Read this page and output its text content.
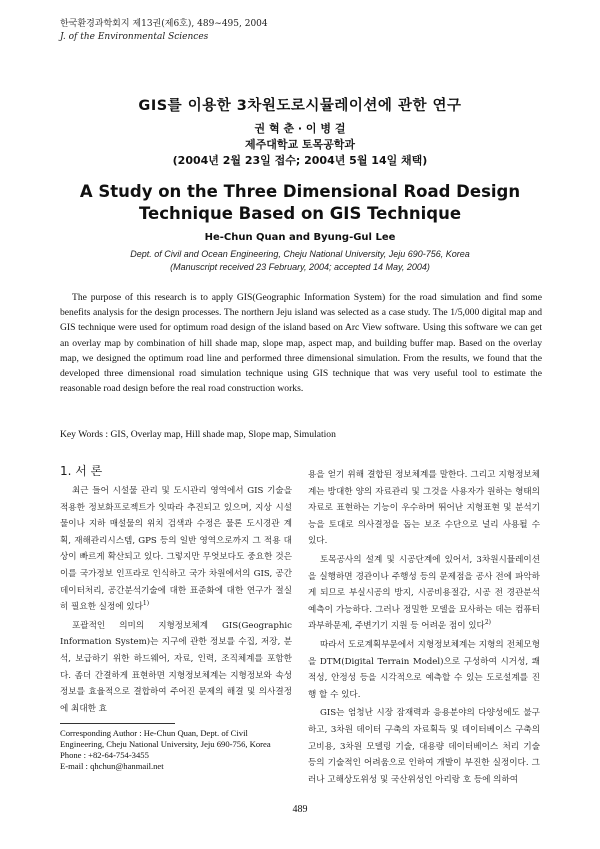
한국환경과학회지 제13권(제6호), 489∼495, 2004
J. of the Environmental Sciences
GIS를 이용한 3차원도로시뮬레이션에 관한 연구
권 혁 춘 · 이 병 걸
제주대학교 토목공학과
(2004년 2월 23일 접수; 2004년 5월 14일 채택)
A Study on the Three Dimensional Road Design
Technique Based on GIS Technique
He-Chun Quan and Byung-Gul Lee
Dept. of Civil and Ocean Engineering, Cheju National University, Jeju 690-756, Korea
(Manuscript received 23 February, 2004; accepted 14 May, 2004)
The purpose of this research is to apply GIS(Geographic Information System) for the road simulation and find some benefits analysis for the design processes. The northern Jeju island was selected as a case study. The 1/5,000 digital map and GIS technique were used for optimum road design of the island based on Arc View software. Using this software we can get an overlay map by combination of hill shade map, slope map, aspect map, and building buffer map. Based on the overlay map, we designed the optimum road line and performed three dimensional simulation. From the results, we found that the developed three dimensional road simulation technique using GIS technique that was very useful tool to estimate the reasonable road design before the real road construction works.
Key Words : GIS, Overlay map, Hill shade map, Slope map, Simulation
1. 서 론

최근 들어 시설물 관리 및 도시관리 영역에서 GIS 기술을 적용한 정보화프로젝트가 잇따라 추진되고 있으며, 지상 시설물이나 지하 매설물의 위치 검색과 수정은 물론 도시경관 계획, 재해관리시스템, GPS 등의 일반 영역으로까지 그 적용 대상이 빠르게 확산되고 있다. 그렇지만 무엇보다도 중요한 것은 이를 국가정보 인프라로 인식하고 국가 차원에서의 GIS, 공간데이터처리, 공간분석기술에 대한 표준화에 대한 연구가 절실히 필요한 실정에 있다$^{1)}$

포괄적인 의미의 지형정보체계 GIS(Geographic Information System)는 지구에 관한 정보를 수집, 저장, 분석, 보급하기 위한 하드웨어, 자료, 인력, 조직체계를 포함한다. 좀더 간결하게 표현하면 지형정보체계는 지형정보와 속성 정보를 효율적으로 결합하여 주어진 문제의 해결 및 의사결정에 최대한 효

용을 얻기 위해 결합된 정보체계를 말한다. 그리고 지형정보체계는 방대한 양의 자료관리 및 그것을 사용자가 원하는 형태의 자료로 표현하는 기능이 우수하며 뛰어난 지형표현 및 분석기능을 토대로 의사결정을 돕는 보조 수단으로 널리 사용될 수 있다.

토목공사의 설계 및 시공단계에 있어서, 3차원시뮬레이션을 실행하면 경관이나 주행성 등의 문제점을 공사 전에 파악하게 되므로 부실시공의 방지, 시공비용절감, 시공 전 경관분석 예측이 가능하다. 그러나 정밀한 모델을 묘사하는 데는 컴퓨터 과부하문제, 주변기기 지원 등 어려운 점이 있다$^{2)}$

따라서 도로계획부문에서 지형정보체계는 지형의 전체모형을 DTM(Digital Terrain Model)으로 구성하여 시거성, 쾌적성, 안정성 등을 시각적으로 예측할 수 있는 도로설계를 진행 할 수 있다.

GIS는 엄청난 시장 잠재력과 응용분야의 다양성에도 불구하고, 3차원 데이터 구축의 자료획득 및 데이터베이스 구축의 고비용, 3차원 모델링 기술, 대용량 데이터베이스 처리 기술 등의 기술적인 어려움으로 인하여 개발이 부진한 실정이다. 그러나 고해상도위성 및 국산위성인 아리랑 호 등에 의하여

Corresponding Author : He-Chun Quan, Dept. of Civil Engineering, Cheju National University, Jeju 690-756, Korea
Phone : +82-64-754-3455
E-mail : qhchun@hanmail.net
489
